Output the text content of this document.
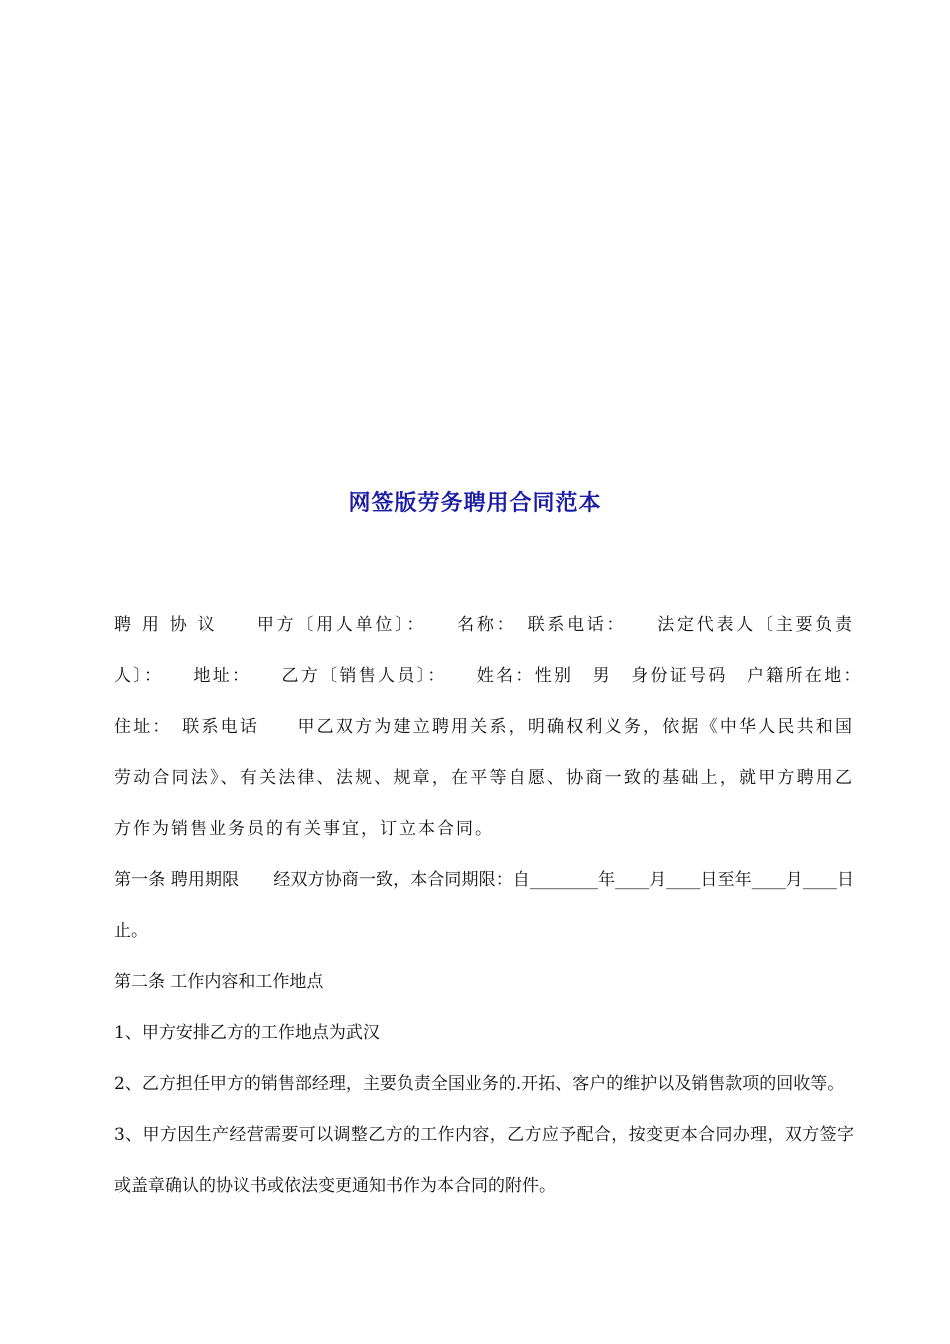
网签版劳务聘用合同范本

聘 用 协 议　　甲方〔用人单位〕：　　名称：　联系电话：　　法定代表人〔主要负责人〕：　　地址：　　乙方〔销售人员〕：　　姓名：性别　男　身份证号码　户籍所在地：　　住址：　联系电话　　甲乙双方为建立聘用关系，明确权利义务，依据《中华人民共和国劳动合同法》、有关法律、法规、规章，在平等自愿、协商一致的基础上，就甲方聘用乙方作为销售业务员的有关事宜，订立本合同。

第一条 聘用期限　　经双方协商一致，本合同期限：自________年____月____日至年____月____日止。

第二条 工作内容和工作地点

1、甲方安排乙方的工作地点为武汉

2、乙方担任甲方的销售部经理，主要负责全国业务的.开拓、客户的维护以及销售款项的回收等。

3、甲方因生产经营需要可以调整乙方的工作内容，乙方应予配合，按变更本合同办理，双方签字或盖章确认的协议书或依法变更通知书作为本合同的附件。
